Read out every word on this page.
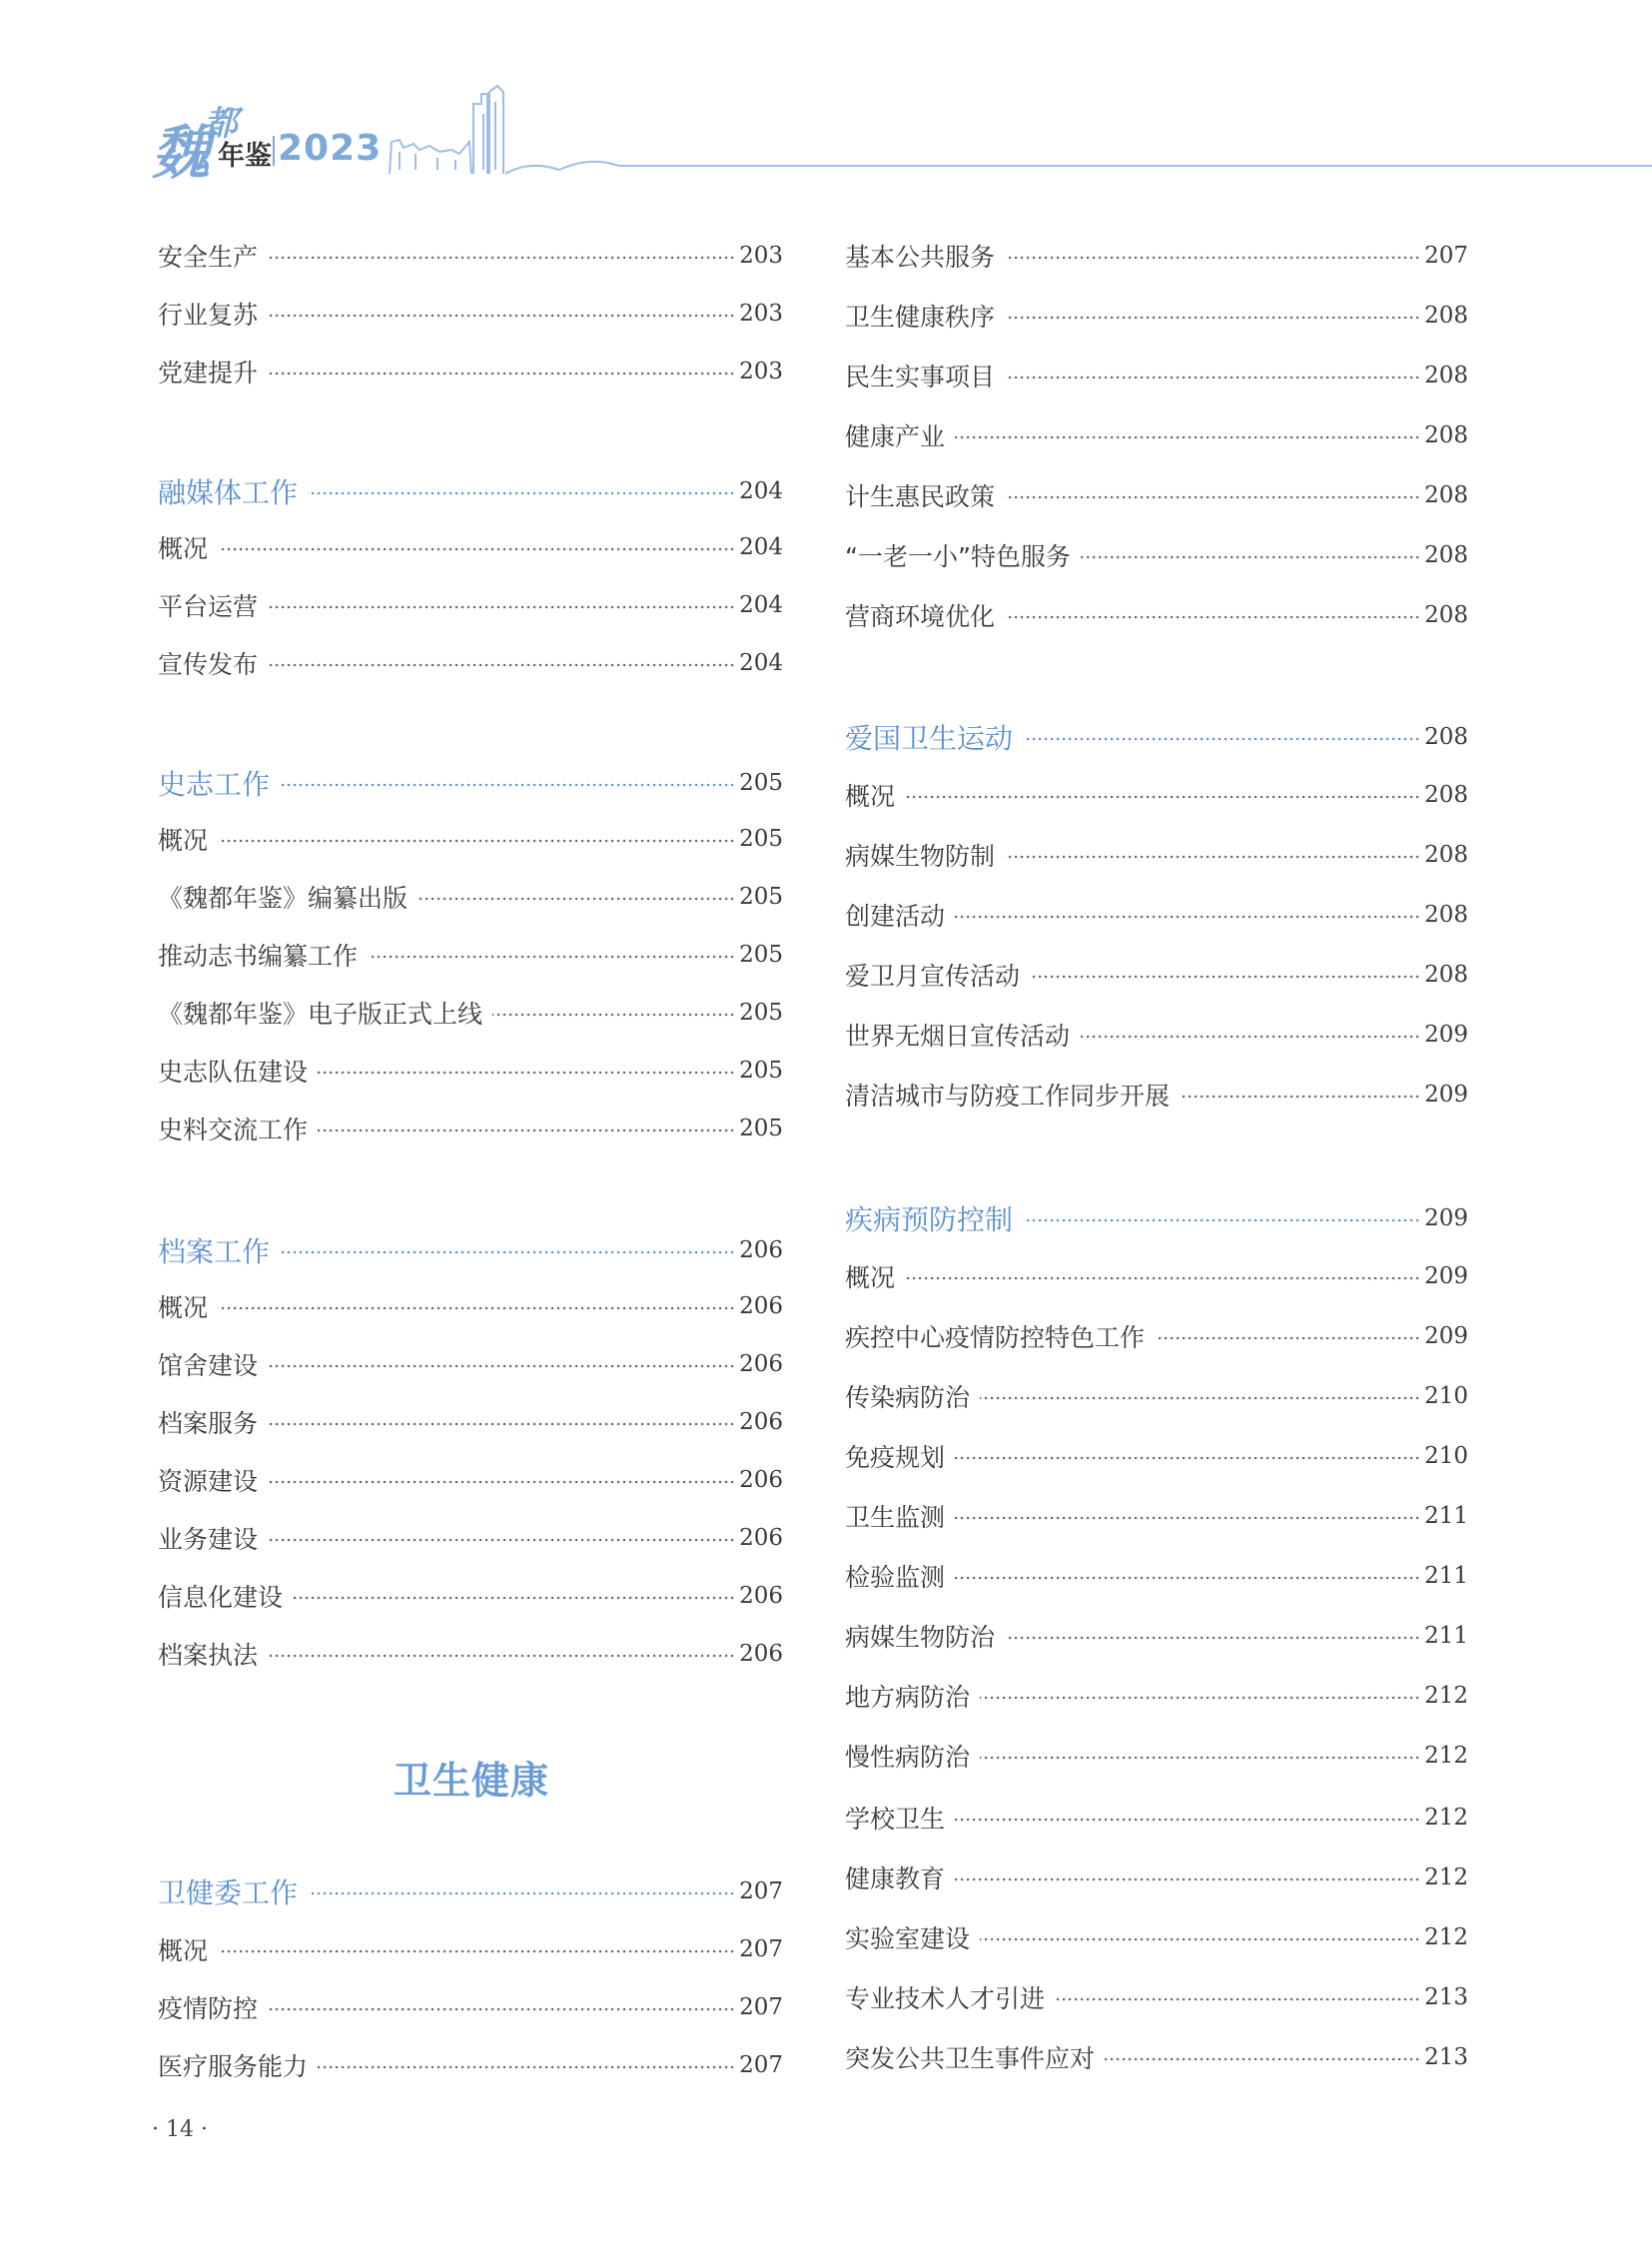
魏
都
年鉴 2023
安全生产	203
行业复苏	203
党建提升	203
融媒体工作	204
概况	204
平台运营	204
宣传发布	204
史志工作	205
概况	205
《魏都年鉴》编纂出版	205
推动志书编纂工作	205
《魏都年鉴》电子版正式上线	205
史志队伍建设	205
史料交流工作	205
档案工作	206
概况	206
馆舍建设	206
档案服务	206
资源建设	206
业务建设	206
信息化建设	206
档案执法	206
卫健委工作	207
概况	207
疫情防控	207
医疗服务能力	207
卫生健康
基本公共服务	207
卫生健康秩序	208
民生实事项目	208
健康产业	208
计生惠民政策	208
“一老一小”特色服务	208
营商环境优化	208
爱国卫生运动	208
概况	208
病媒生物防制	208
创建活动	208
爱卫月宣传活动	208
世界无烟日宣传活动	209
清洁城市与防疫工作同步开展	209
疾病预防控制	209
概况	209
疾控中心疫情防控特色工作	209
传染病防治	210
免疫规划	210
卫生监测	211
检验监测	211
病媒生物防治	211
地方病防治	212
慢性病防治	212
学校卫生	212
健康教育	212
实验室建设	212
专业技术人才引进	213
突发公共卫生事件应对	213
· 14 ·
